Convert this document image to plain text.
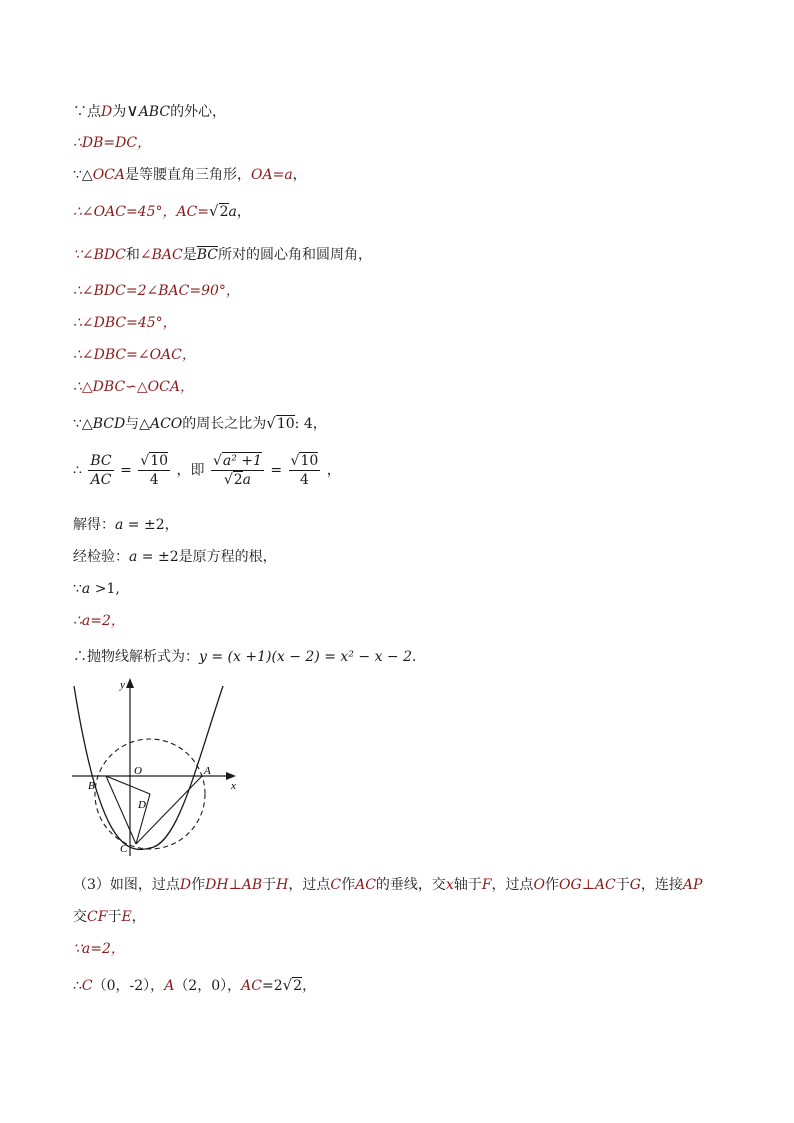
∵点D为∨ABC的外心，
∴DB=DC，
∵△OCA是等腰直角三角形，OA=a，
∴∠OAC=45°，AC=√2a，
∵∠BDC和∠BAC是$\overline{BC}$所对的圆心角和圆周角，
∴∠BDC=2∠BAC=90°，
∴∠DBC=45°，
∴∠DBC=∠OAC，
∴△DBC∽△OCA，
∵△BCD与△ACO的周长之比为√10: 4，
∴ $\frac{BC}{AC} = \frac{√10}{4}$ ，即 $\frac{\text{√a² +1}}{√2a} = \frac{√10}{4}$ ，
解得：a = ±2，
经检验：a = ±2是原方程的根，
∵a >1,
∴a=2，
∴抛物线解析式为：y = (x +1)(x − 2) = x² − x − 2．
y
x
O	A
B
C
D
（3）如图，过点D作DH⊥AB于H，过点C作AC的垂线，交x轴于F，过点O作OG⊥AC于G，连接AP
交CF于E，
∵a=2，
∴C（0，-2），A（2，0），AC=2√2，
